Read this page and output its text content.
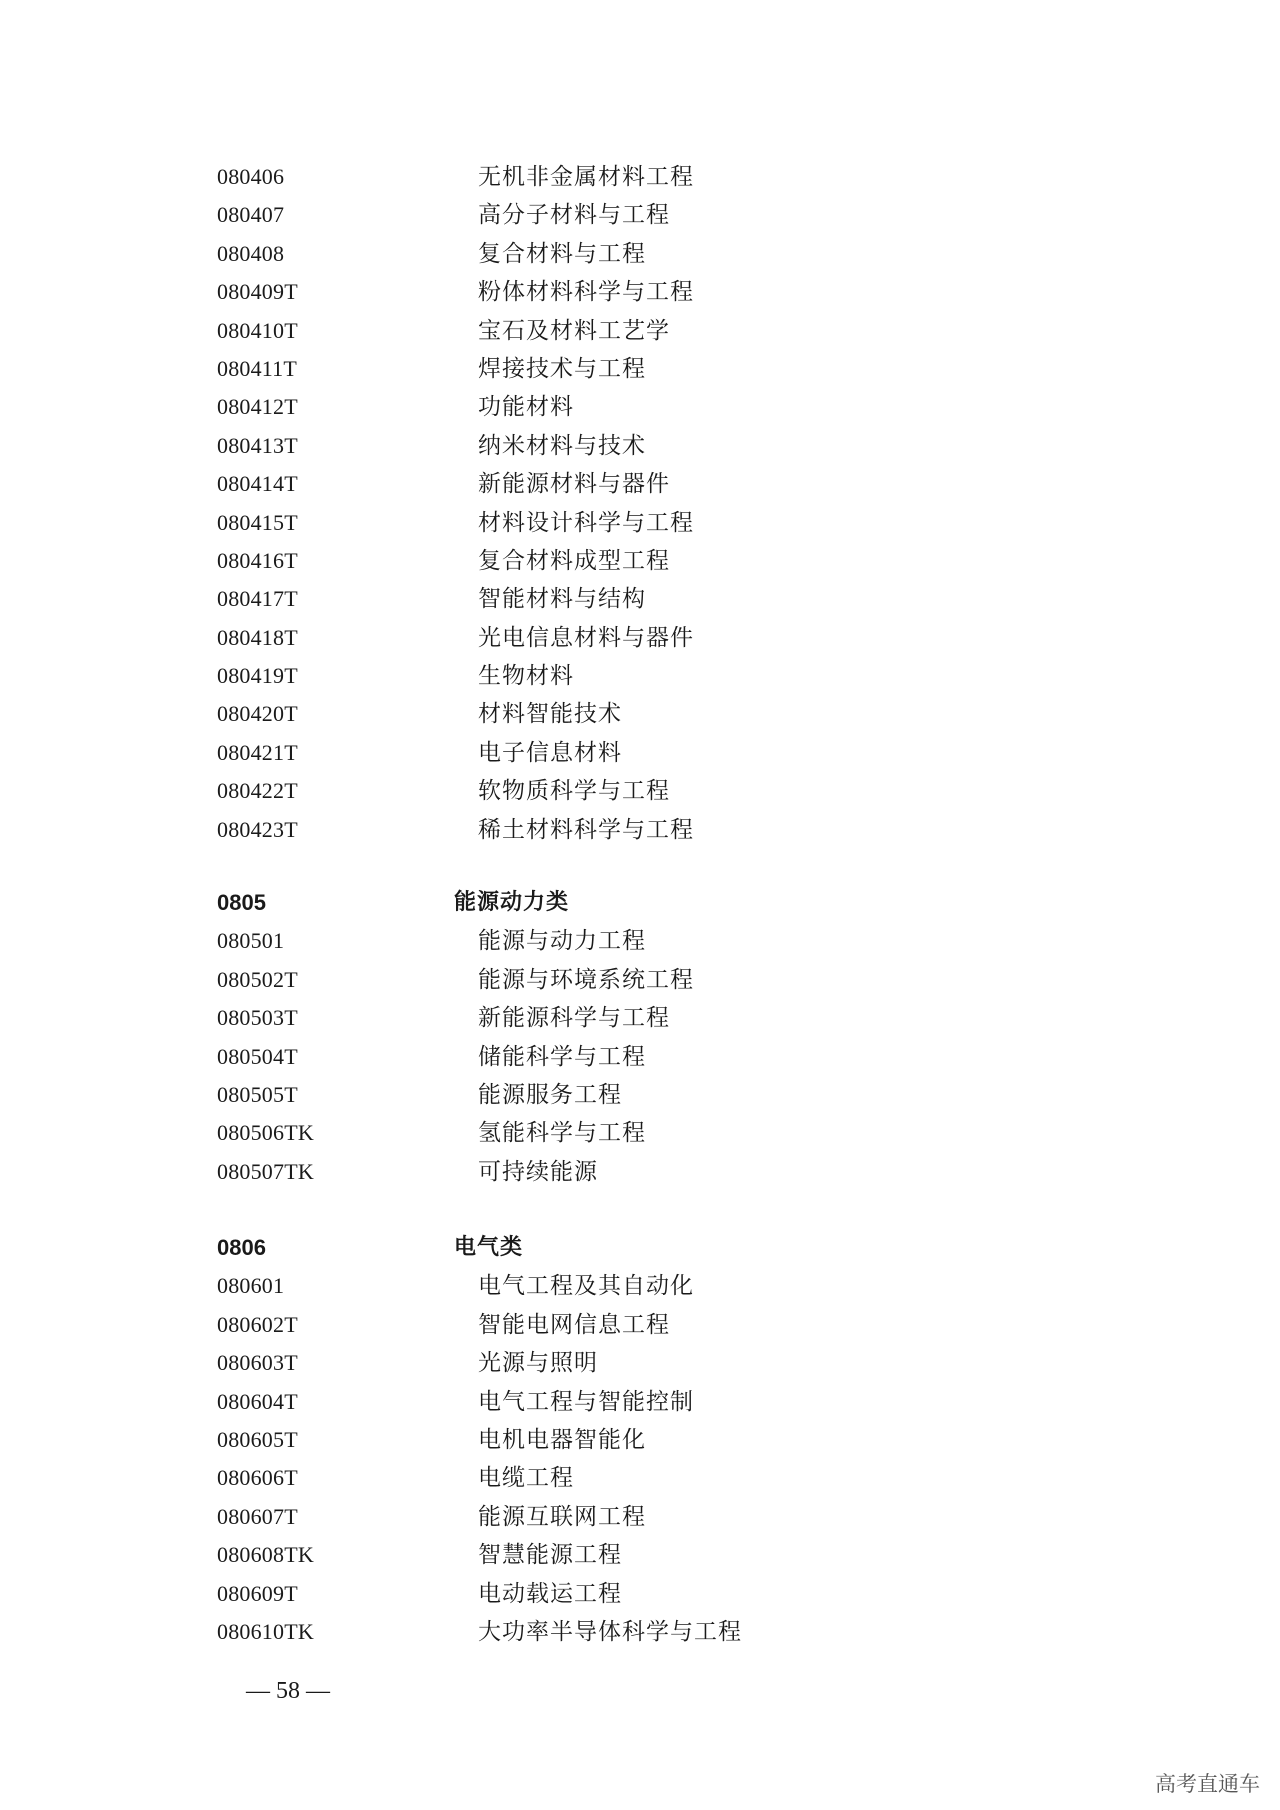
080406	无机非金属材料工程
080407	高分子材料与工程
080408	复合材料与工程
080409T	粉体材料科学与工程
080410T	宝石及材料工艺学
080411T	焊接技术与工程
080412T	功能材料
080413T	纳米材料与技术
080414T	新能源材料与器件
080415T	材料设计科学与工程
080416T	复合材料成型工程
080417T	智能材料与结构
080418T	光电信息材料与器件
080419T	生物材料
080420T	材料智能技术
080421T	电子信息材料
080422T	软物质科学与工程
080423T	稀土材料科学与工程
0805	能源动力类
080501	能源与动力工程
080502T	能源与环境系统工程
080503T	新能源科学与工程
080504T	储能科学与工程
080505T	能源服务工程
080506TK	氢能科学与工程
080507TK	可持续能源
0806	电气类
080601	电气工程及其自动化
080602T	智能电网信息工程
080603T	光源与照明
080604T	电气工程与智能控制
080605T	电机电器智能化
080606T	电缆工程
080607T	能源互联网工程
080608TK	智慧能源工程
080609T	电动载运工程
080610TK	大功率半导体科学与工程
— 58 —
高考直通车
